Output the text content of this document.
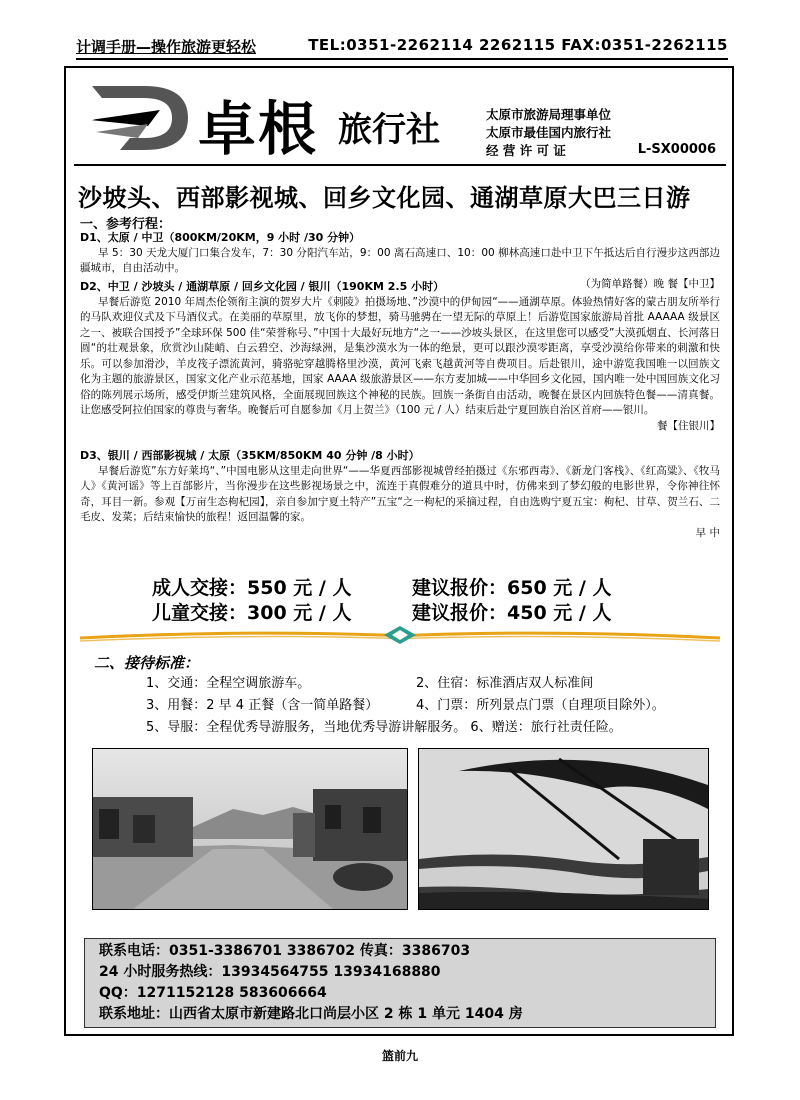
计调手册—操作旅游更轻松	TEL:0351-2262114 2262115 FAX:0351-2262115
卓根 旅行社	太原市旅游局理事单位
太原市最佳国内旅行社
经 营 许 可 证	L-SX00006
沙坡头、西部影视城、回乡文化园、通湖草原大巴三日游
一、参考行程：
D1、太原 / 中卫（800KM/20KM，9 小时 /30 分钟）

早 5：30 天龙大厦门口集合发车，7：30 分阳汽车站，9：00 离石高速口、10：00 柳林高速口赴中卫下午抵达后自行漫步这西部边疆城市，自由活动中。

（为简单路餐）晚 餐【中卫】

D2、中卫 / 沙坡头 / 通湖草原 / 回乡文化园 / 银川（190KM 2.5 小时）

早餐后游览 2010 年周杰伦领衔主演的贺岁大片《刺陵》拍摄场地、”沙漠中的伊甸园“——通湖草原。体验热情好客的蒙古朋友所举行的马队欢迎仪式及下马酒仪式。在美丽的草原里，放飞你的梦想，骑马驰骋在一望无际的草原上！后游览国家旅游局首批 AAAAA 级景区之一、被联合国授予”全球环保 500 佳“荣誉称号、”中国十大最好玩地方“之一——沙坡头景区，在这里您可以感受”大漠孤烟直、长河落日圆“的壮观景象，欣赏沙山陡峭、白云碧空、沙海绿洲，是集沙漠水为一体的绝景，更可以跟沙漠零距离，享受沙漠给你带来的刺激和快乐。可以参加滑沙，羊皮筏子漂流黄河，骑骆驼穿越腾格里沙漠，黄河飞索飞越黄河等自费项目。后赴银川，途中游览我国唯一以回族文化为主题的旅游景区，国家文化产业示范基地，国家 AAAA 级旅游景区——东方麦加城——中华回乡文化园，国内唯一处中国回族文化习俗的陈列展示场所，感受伊斯兰建筑风格，全面展现回族这个神秘的民族。回族一条街自由活动，晚餐在景区内回族特色餐——清真餐。让您感受阿拉伯国家的尊贵与奢华。晚餐后可自愿参加《月上贺兰》（100 元 / 人）结束后赴宁夏回族自治区首府——银川。

餐【住银川】

D3、银川 / 西部影视城 / 太原（35KM/850KM 40 分钟 /8 小时）

早餐后游览”东方好莱坞“、”中国电影从这里走向世界“——华夏西部影视城曾经拍摄过《东邪西毒》、《新龙门客栈》、《红高粱》、《牧马人》《黄河谣》等上百部影片，当你漫步在这些影视场景之中，流连于真假难分的道具中时，仿佛来到了梦幻般的电影世界，令你神往怀奇，耳目一新。参观【万亩生态枸杞园】，亲自参加宁夏土特产”五宝“之一枸杞的采摘过程，自由选购宁夏五宝：枸杞、甘草、贺兰石、二毛皮、发菜；后结束愉快的旅程！返回温馨的家。

早 中

成人交接：550 元 / 人	建议报价：650 元 / 人
儿童交接：300 元 / 人	建议报价：450 元 / 人
二、接待标准：
1、交通：全程空调旅游车。	2、住宿：标准酒店双人标准间
3、用餐：2 早 4 正餐（含一简单路餐）	4、门票：所列景点门票（自理项目除外）。
5、导服：全程优秀导游服务，当地优秀导游讲解服务。 6、赠送：旅行社责任险。
联系电话：0351-3386701 3386702 传真：3386703
24 小时服务热线：13934564755 13934168880
QQ：1271152128 583606664
联系地址：山西省太原市新建路北口尚层小区 2 栋 1 单元 1404 房
篮前九
